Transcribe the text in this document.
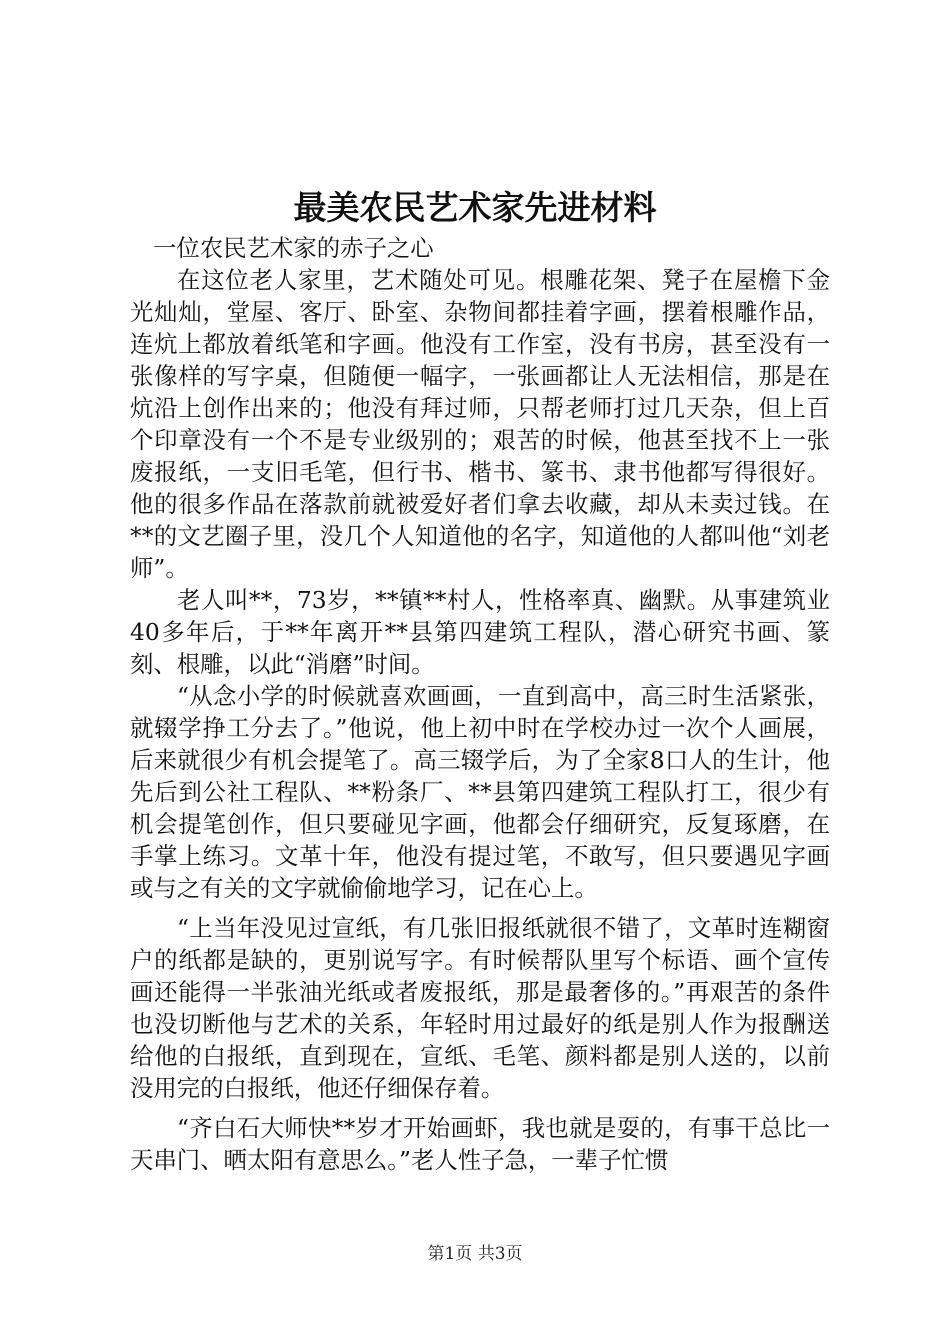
最美农民艺术家先进材料

一位农民艺术家的赤子之心

在这位老人家里，艺术随处可见。根雕花架、凳子在屋檐下金光灿灿，堂屋、客厅、卧室、杂物间都挂着字画，摆着根雕作品，连炕上都放着纸笔和字画。他没有工作室，没有书房，甚至没有一张像样的写字桌，但随便一幅字，一张画都让人无法相信，那是在炕沿上创作出来的；他没有拜过师，只帮老师打过几天杂，但上百个印章没有一个不是专业级别的；艰苦的时候，他甚至找不上一张废报纸，一支旧毛笔，但行书、楷书、篆书、隶书他都写得很好。他的很多作品在落款前就被爱好者们拿去收藏，却从未卖过钱。在**的文艺圈子里，没几个人知道他的名字，知道他的人都叫他“刘老师”。

老人叫**，73岁，**镇**村人，性格率真、幽默。从事建筑业40多年后，于**年离开**县第四建筑工程队，潜心研究书画、篆刻、根雕，以此“消磨”时间。

“从念小学的时候就喜欢画画，一直到高中，高三时生活紧张，就辍学挣工分去了。”他说，他上初中时在学校办过一次个人画展，后来就很少有机会提笔了。高三辍学后，为了全家8口人的生计，他先后到公社工程队、**粉条厂、**县第四建筑工程队打工，很少有机会提笔创作，但只要碰见字画，他都会仔细研究，反复琢磨，在手掌上练习。文革十年，他没有提过笔，不敢写，但只要遇见字画或与之有关的文字就偷偷地学习，记在心上。

“上当年没见过宣纸，有几张旧报纸就很不错了，文革时连糊窗户的纸都是缺的，更别说写字。有时候帮队里写个标语、画个宣传画还能得一半张油光纸或者废报纸，那是最奢侈的。”再艰苦的条件也没切断他与艺术的关系，年轻时用过最好的纸是别人作为报酬送给他的白报纸，直到现在，宣纸、毛笔、颜料都是别人送的，以前没用完的白报纸，他还仔细保存着。

“齐白石大师快**岁才开始画虾，我也就是耍的，有事干总比一天串门、晒太阳有意思么。”老人性子急，一辈子忙惯

第1页 共3页
